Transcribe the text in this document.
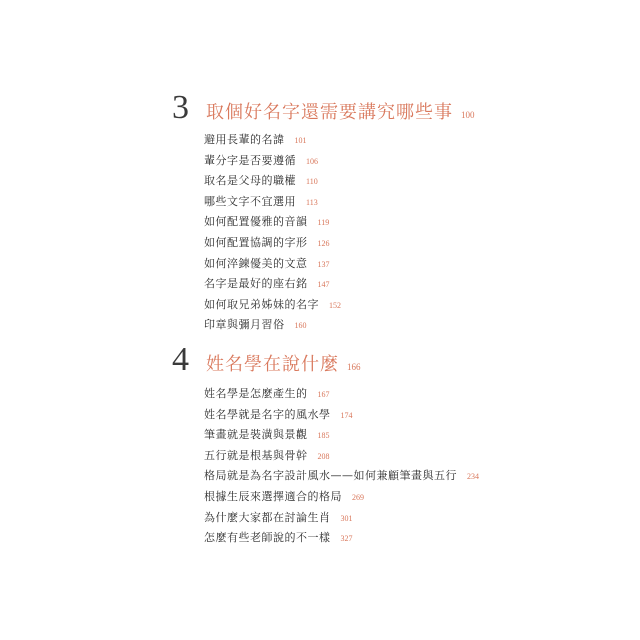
3 取個好名字還需要講究哪些事 100
避用長輩的名諱 101
輩分字是否要遵循 106
取名是父母的職權 110
哪些文字不宜選用 113
如何配置優雅的音韻 119
如何配置協調的字形 126
如何淬鍊優美的文意 137
名字是最好的座右銘 147
如何取兄弟姊妹的名字 152
印章與彌月習俗 160
4 姓名學在說什麼 166
姓名學是怎麼產生的 167
姓名學就是名字的風水學 174
筆畫就是裝潢與景觀 185
五行就是根基與骨幹 208
格局就是為名字設計風水——如何兼顧筆畫與五行 234
根據生辰來選擇適合的格局 269
為什麼大家都在討論生肖 301
怎麼有些老師說的不一樣 327
